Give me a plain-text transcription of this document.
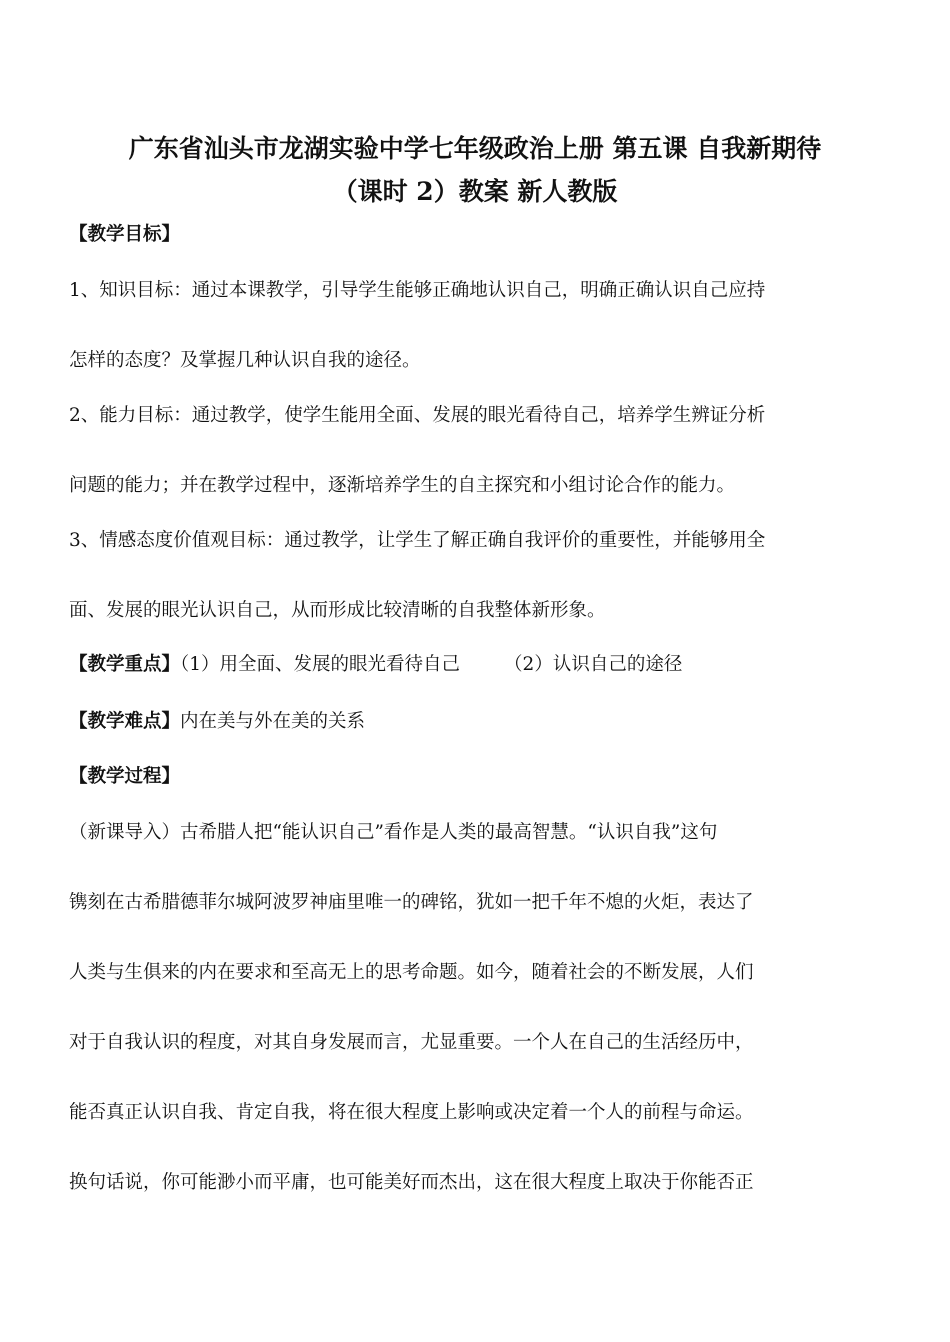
广东省汕头市龙湖实验中学七年级政治上册 第五课 自我新期待
（课时 2）教案 新人教版
【教学目标】
1、知识目标：通过本课教学，引导学生能够正确地认识自己，明确正确认识自己应持
怎样的态度？及掌握几种认识自我的途径。
2、能力目标：通过教学，使学生能用全面、发展的眼光看待自己，培养学生辨证分析
问题的能力；并在教学过程中，逐渐培养学生的自主探究和小组讨论合作的能力。
3、情感态度价值观目标：通过教学，让学生了解正确自我评价的重要性，并能够用全
面、发展的眼光认识自己，从而形成比较清晰的自我整体新形象。
【教学重点】（1）用全面、发展的眼光看待自己 （2）认识自己的途径
【教学难点】内在美与外在美的关系
【教学过程】
（新课导入）古希腊人把“能认识自己”看作是人类的最高智慧。“认识自我”这句
镌刻在古希腊德菲尔城阿波罗神庙里唯一的碑铭，犹如一把千年不熄的火炬，表达了
人类与生俱来的内在要求和至高无上的思考命题。如今，随着社会的不断发展，人们
对于自我认识的程度，对其自身发展而言，尤显重要。一个人在自己的生活经历中，
能否真正认识自我、肯定自我，将在很大程度上影响或决定着一个人的前程与命运。
换句话说，你可能渺小而平庸，也可能美好而杰出，这在很大程度上取决于你能否正
